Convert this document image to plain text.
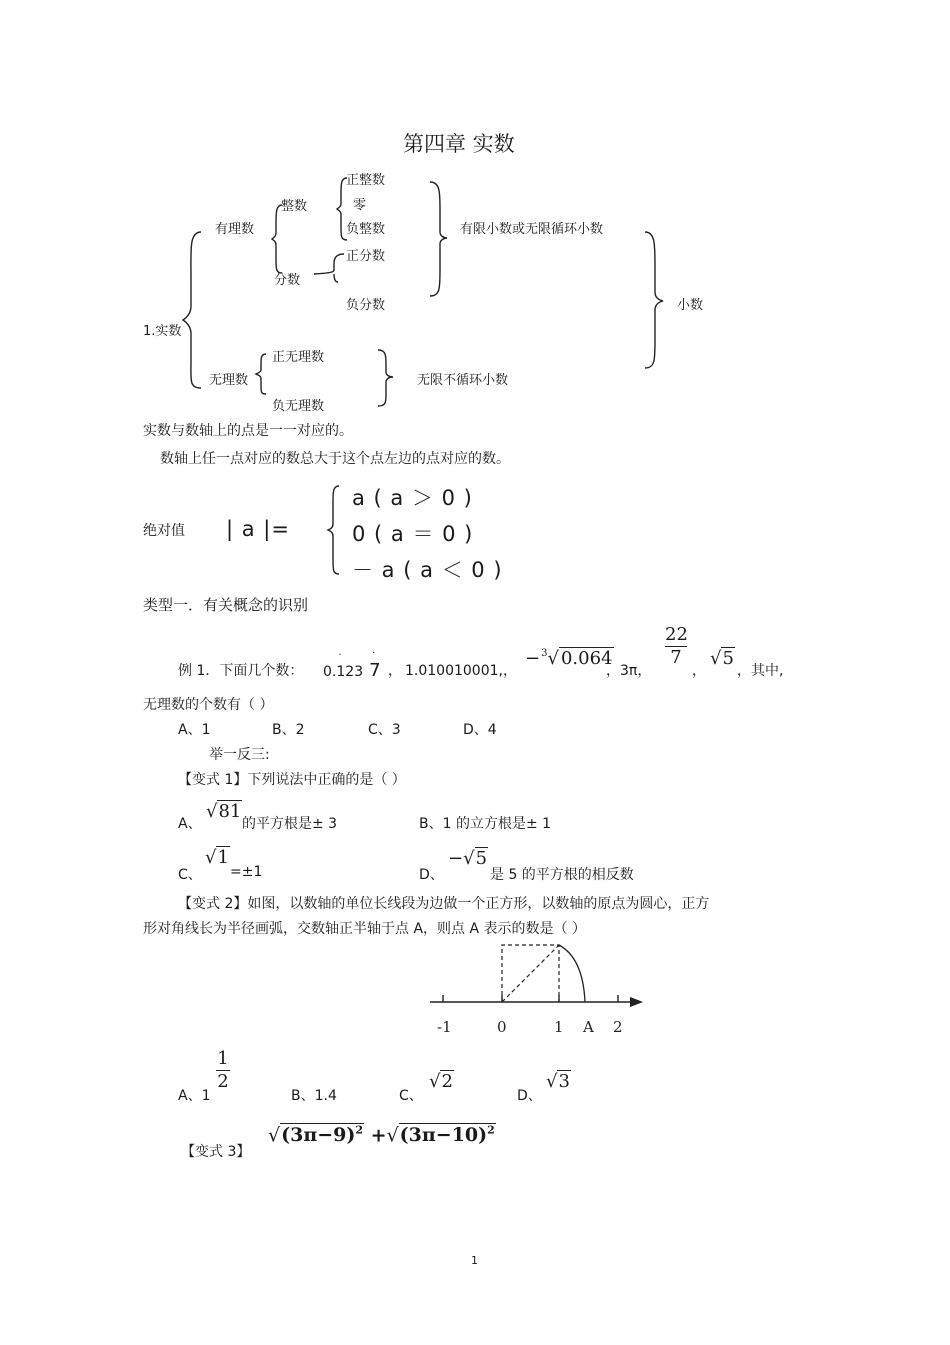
第四章 实数
1.实数
有理数
整数
正整数
零
负整数
分数
正分数
负分数
有限小数或无限循环小数
小数
无理数
正无理数
负无理数
无限不循环小数
实数与数轴上的点是一一对应的。
数轴上任一点对应的数总大于这个点左边的点对应的数。
绝对值 | a |=
a ( a ＞ 0 )
0 ( a ＝ 0 )
－ a ( a ＜ 0 )
类型一．有关概念的识别
例 1．下面几个数： 0.1
·
23 7
·
， 1.010010001,，
−$^3$√ 0.064
，3π，
$\frac{22}{7}$
，
√5
，其中,
无理数的个数有（ ）
A、1	B、2	C、3	D、4
举一反三:
【变式 1】下列说法中正确的是（ ）
A、
√81
的平方根是± 3	B、1 的立方根是± 1
C、
√1
=±1	D、
−√5
是 5 的平方根的相反数
【变式 2】如图，以数轴的单位长线段为边做一个正方形，以数轴的原点为圆心，正方
形对角线长为半径画弧，交数轴正半轴于点 A，则点 A 表示的数是（ ）
-1	0	1 A 2
A、1
$\frac{1}{2}$
B、1.4	C、
√2
D、
√3
【变式 3】
$√(3\pi-9)^2 +√(3\pi-10)^2$
1
